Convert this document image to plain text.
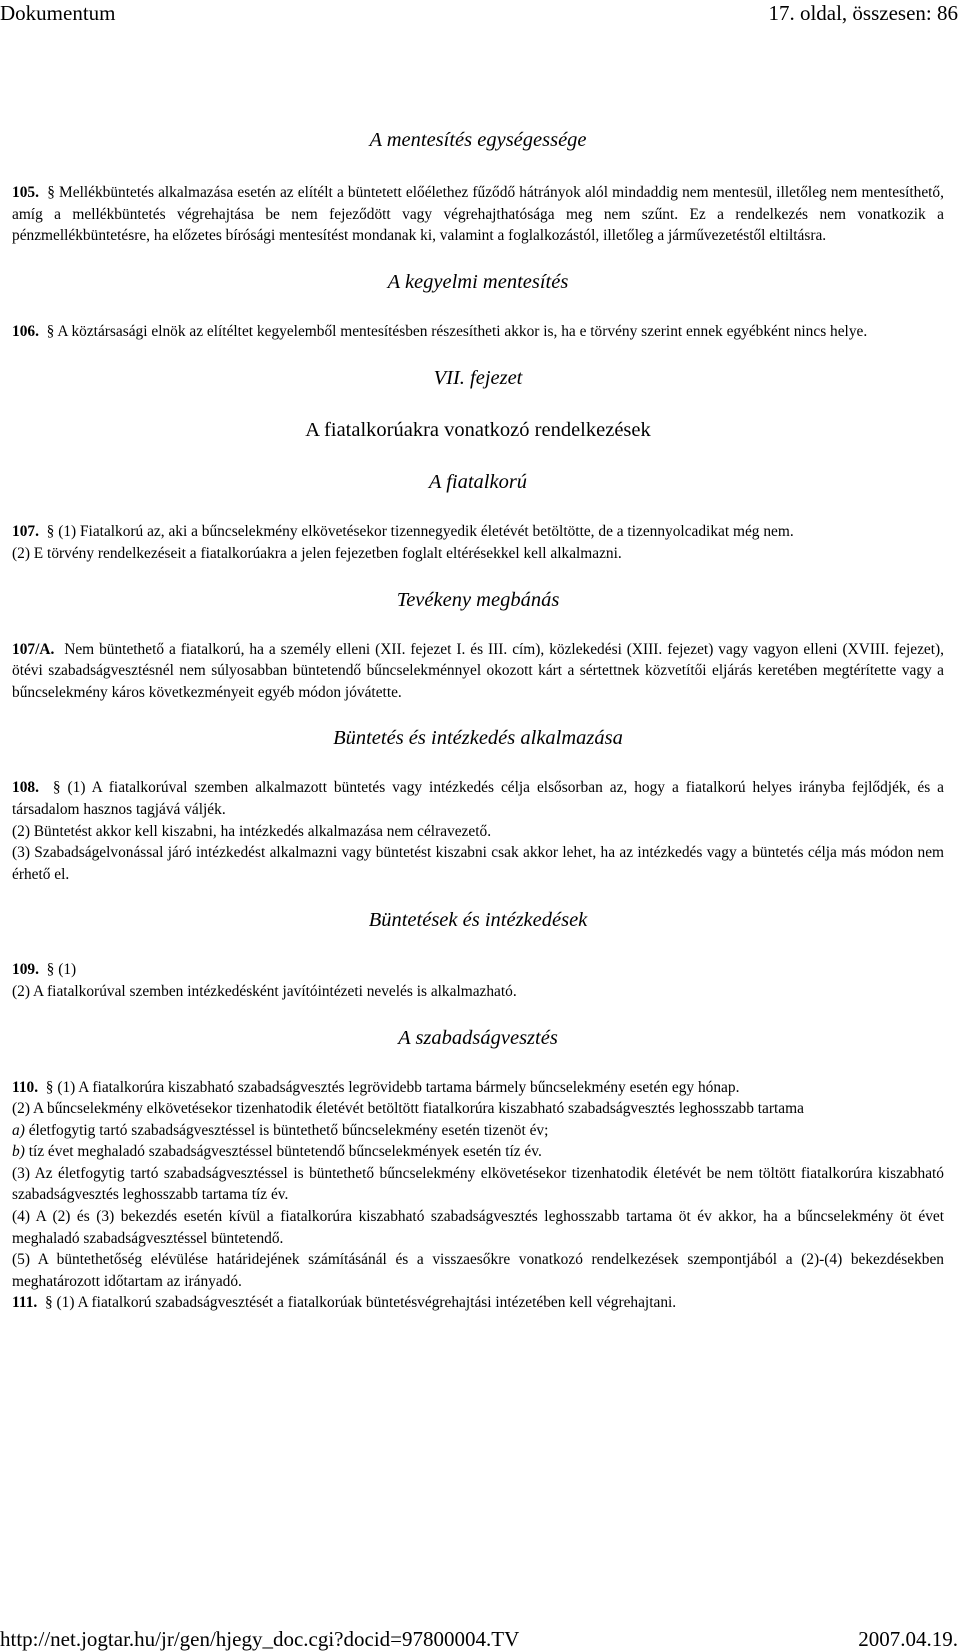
Dokumentum	17. oldal, összesen: 86
A mentesítés egységessége

105. § Mellékbüntetés alkalmazása esetén az elítélt a büntetett előélethez fűződő hátrányok alól mindaddig nem mentesül, illetőleg nem mentesíthető, amíg a mellékbüntetés végrehajtása be nem fejeződött vagy végrehajthatósága meg nem szűnt. Ez a rendelkezés nem vonatkozik a pénzmellékbüntetésre, ha előzetes bírósági mentesítést mondanak ki, valamint a foglalkozástól, illetőleg a járművezetéstől eltiltásra.

A kegyelmi mentesítés

106. § A köztársasági elnök az elítéltet kegyelemből mentesítésben részesítheti akkor is, ha e törvény szerint ennek egyébként nincs helye.

VII. fejezet
A fiatalkorúakra vonatkozó rendelkezések
A fiatalkorú

107. § (1) Fiatalkorú az, aki a bűncselekmény elkövetésekor tizennegyedik életévét betöltötte, de a tizennyolcadikat még nem.

(2) E törvény rendelkezéseit a fiatalkorúakra a jelen fejezetben foglalt eltérésekkel kell alkalmazni.

Tevékeny megbánás

107/A. Nem büntethető a fiatalkorú, ha a személy elleni (XII. fejezet I. és III. cím), közlekedési (XIII. fejezet) vagy vagyon elleni (XVIII. fejezet), ötévi szabadságvesztésnél nem súlyosabban büntetendő bűncselekménnyel okozott kárt a sértettnek közvetítői eljárás keretében megtérítette vagy a bűncselekmény káros következményeit egyéb módon jóvátette.

Büntetés és intézkedés alkalmazása

108. § (1) A fiatalkorúval szemben alkalmazott büntetés vagy intézkedés célja elsősorban az, hogy a fiatalkorú helyes irányba fejlődjék, és a társadalom hasznos tagjává váljék.

(2) Büntetést akkor kell kiszabni, ha intézkedés alkalmazása nem célravezető.

(3) Szabadságelvonással járó intézkedést alkalmazni vagy büntetést kiszabni csak akkor lehet, ha az intézkedés vagy a büntetés célja más módon nem érhető el.

Büntetések és intézkedések

109. § (1)

(2) A fiatalkorúval szemben intézkedésként javítóintézeti nevelés is alkalmazható.

A szabadságvesztés

110. § (1) A fiatalkorúra kiszabható szabadságvesztés legrövidebb tartama bármely bűncselekmény esetén egy hónap.

(2) A bűncselekmény elkövetésekor tizenhatodik életévét betöltött fiatalkorúra kiszabható szabadságvesztés leghosszabb tartama

a) életfogytig tartó szabadságvesztéssel is büntethető bűncselekmény esetén tizenöt év;

b) tíz évet meghaladó szabadságvesztéssel büntetendő bűncselekmények esetén tíz év.

(3) Az életfogytig tartó szabadságvesztéssel is büntethető bűncselekmény elkövetésekor tizenhatodik életévét be nem töltött fiatalkorúra kiszabható szabadságvesztés leghosszabb tartama tíz év.

(4) A (2) és (3) bekezdés esetén kívül a fiatalkorúra kiszabható szabadságvesztés leghosszabb tartama öt év akkor, ha a bűncselekmény öt évet meghaladó szabadságvesztéssel büntetendő.

(5) A büntethetőség elévülése határidejének számításánál és a visszaesőkre vonatkozó rendelkezések szempontjából a (2)-(4) bekezdésekben meghatározott időtartam az irányadó.

111. § (1) A fiatalkorú szabadságvesztését a fiatalkorúak büntetésvégrehajtási intézetében kell végrehajtani.

http://net.jogtar.hu/jr/gen/hjegy_doc.cgi?docid=97800004.TV	2007.04.19.
